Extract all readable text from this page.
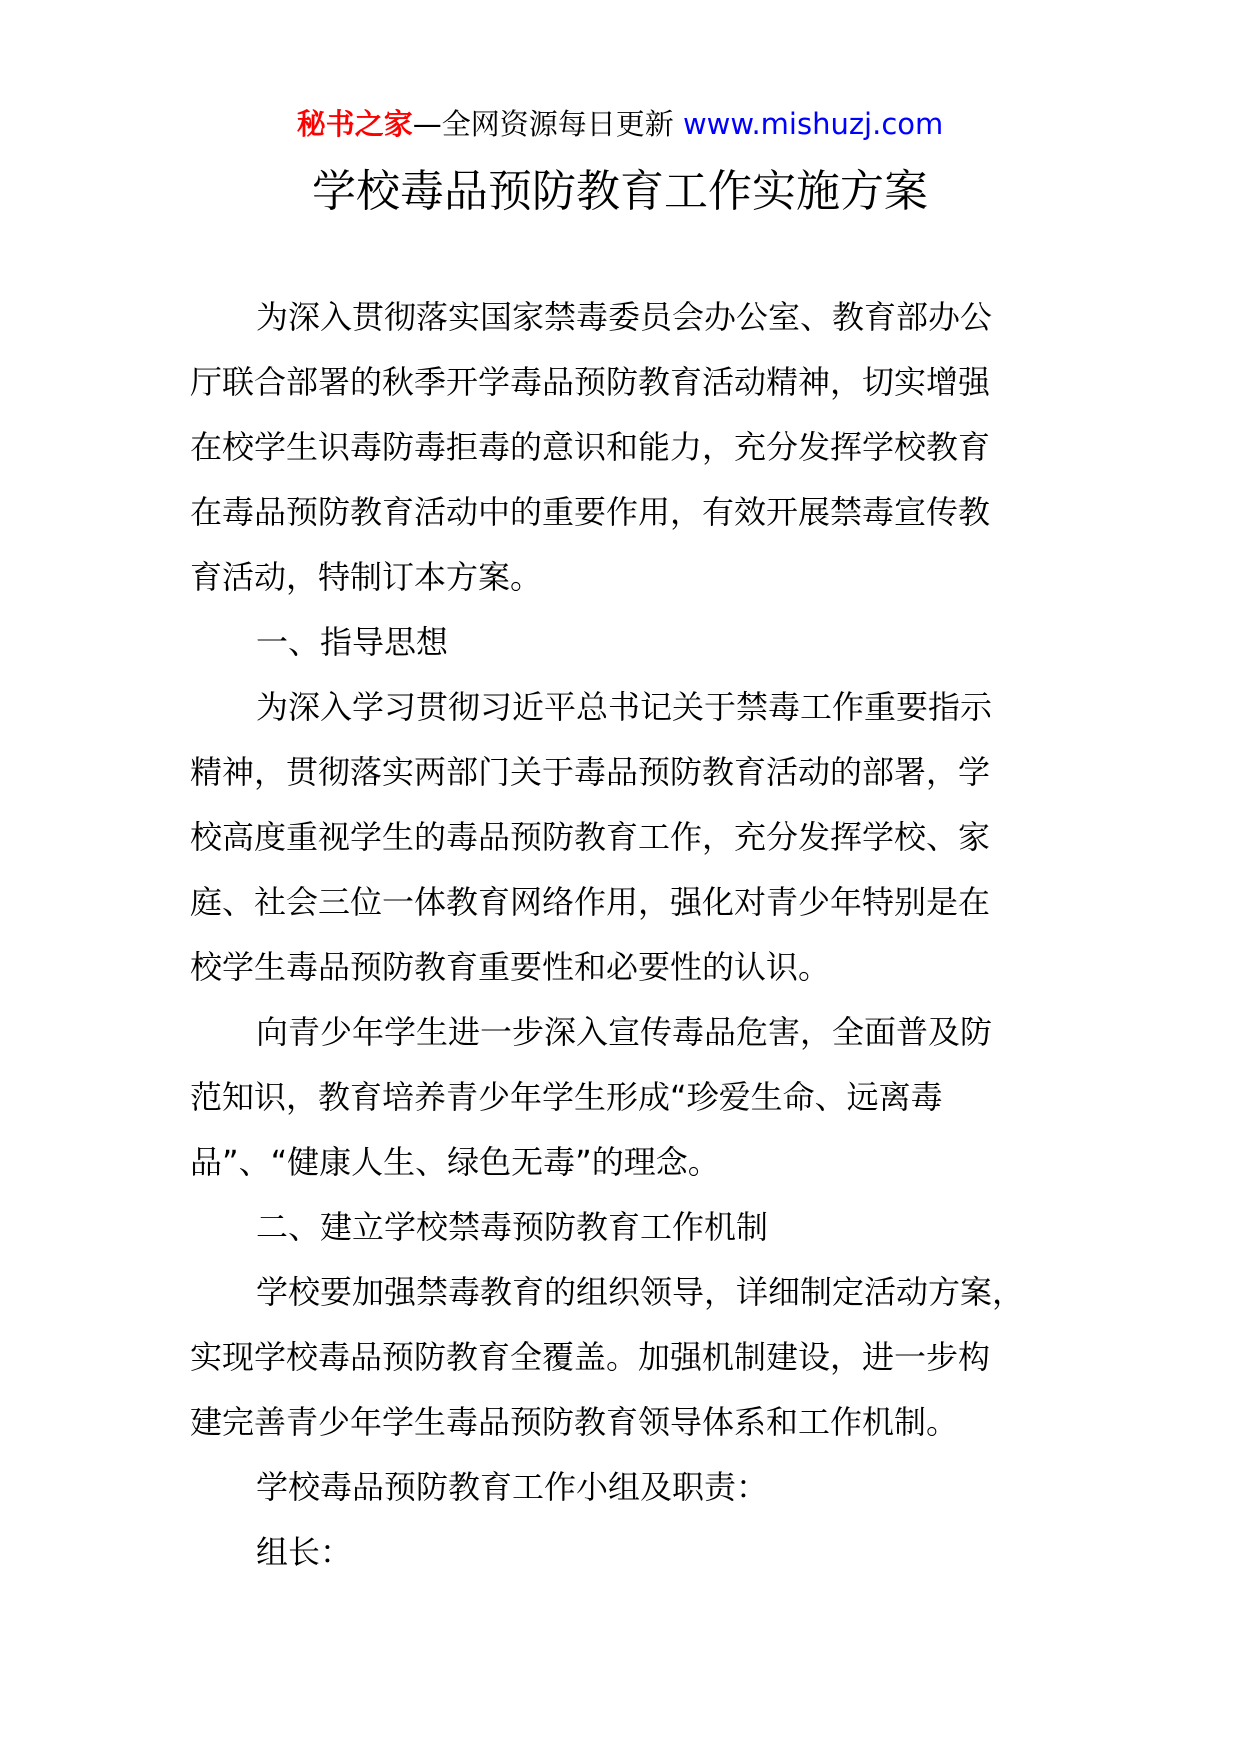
秘书之家—全网资源每日更新 www.mishuzj.com
学校毒品预防教育工作实施方案
为深入贯彻落实国家禁毒委员会办公室、教育部办公
厅联合部署的秋季开学毒品预防教育活动精神，切实增强
在校学生识毒防毒拒毒的意识和能力，充分发挥学校教育
在毒品预防教育活动中的重要作用，有效开展禁毒宣传教
育活动，特制订本方案。
一、指导思想
为深入学习贯彻习近平总书记关于禁毒工作重要指示
精神，贯彻落实两部门关于毒品预防教育活动的部署，学
校高度重视学生的毒品预防教育工作，充分发挥学校、家
庭、社会三位一体教育网络作用，强化对青少年特别是在
校学生毒品预防教育重要性和必要性的认识。
向青少年学生进一步深入宣传毒品危害，全面普及防
范知识，教育培养青少年学生形成“珍爱生命、远离毒
品”、“健康人生、绿色无毒”的理念。
二、建立学校禁毒预防教育工作机制
学校要加强禁毒教育的组织领导，详细制定活动方案，
实现学校毒品预防教育全覆盖。加强机制建设，进一步构
建完善青少年学生毒品预防教育领导体系和工作机制。
学校毒品预防教育工作小组及职责：
组长：
